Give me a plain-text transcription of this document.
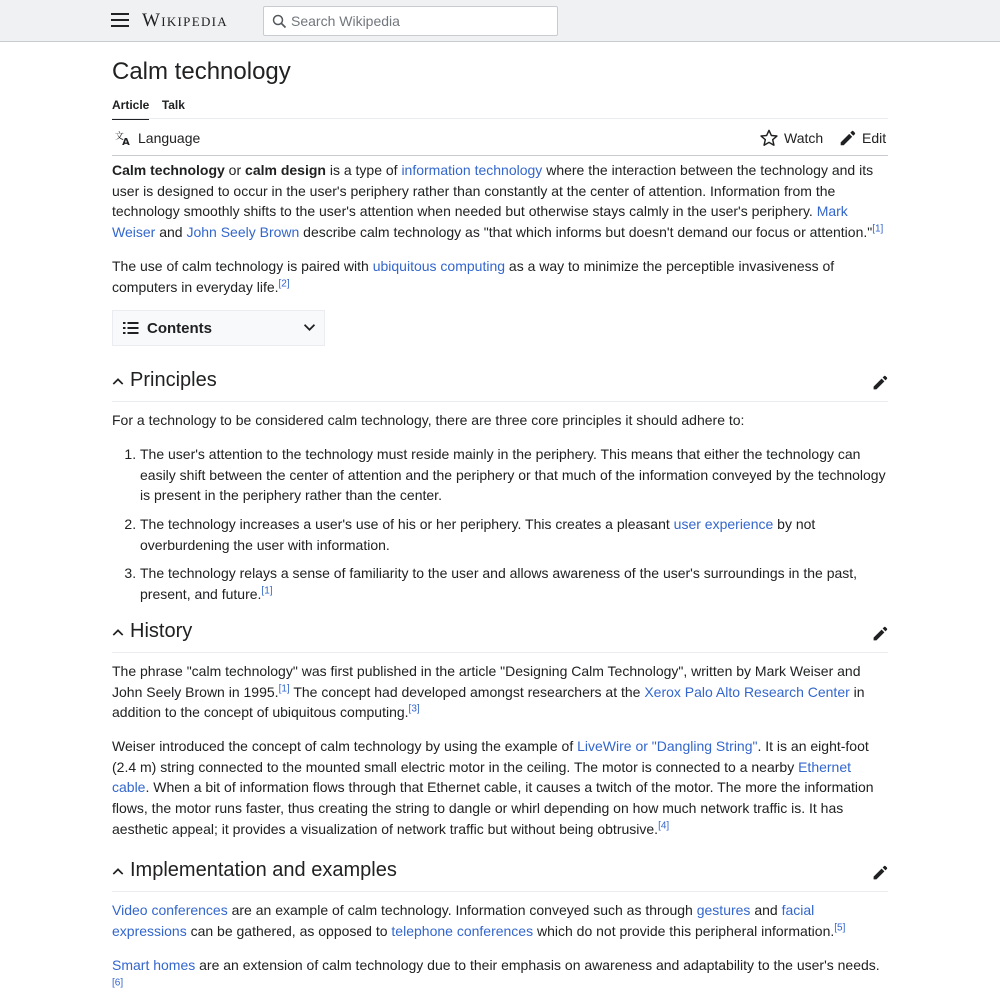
Wikipedia
Search Wikipedia
Calm technology
Article Talk
文
A Language	Watch	Edit

Calm technology or calm design is a type of information technology where the interaction between the technology and its user is designed to occur in the user's periphery rather than constantly at the center of attention. Information from the technology smoothly shifts to the user's attention when needed but otherwise stays calmly in the user's periphery. Mark Weiser and John Seely Brown describe calm technology as "that which informs but doesn't demand our focus or attention."[1]

The use of calm technology is paired with ubiquitous computing as a way to minimize the perceptible invasiveness of computers in everyday life.[2]

Contents
Principles

For a technology to be considered calm technology, there are three core principles it should adhere to:

1. The user's attention to the technology must reside mainly in the periphery. This means that either the technology can easily shift between the center of attention and the periphery or that much of the information conveyed by the technology is present in the periphery rather than the center.
2. The technology increases a user's use of his or her periphery. This creates a pleasant user experience by not overburdening the user with information.
3. The technology relays a sense of familiarity to the user and allows awareness of the user's surroundings in the past, present, and future.[1]
History

The phrase "calm technology" was first published in the article "Designing Calm Technology", written by Mark Weiser and John Seely Brown in 1995.[1] The concept had developed amongst researchers at the Xerox Palo Alto Research Center in addition to the concept of ubiquitous computing.[3]

Weiser introduced the concept of calm technology by using the example of LiveWire or "Dangling String". It is an eight-foot (2.4 m) string connected to the mounted small electric motor in the ceiling. The motor is connected to a nearby Ethernet cable. When a bit of information flows through that Ethernet cable, it causes a twitch of the motor. The more the information flows, the motor runs faster, thus creating the string to dangle or whirl depending on how much network traffic is. It has aesthetic appeal; it provides a visualization of network traffic but without being obtrusive.[4]

Implementation and examples

Video conferences are an example of calm technology. Information conveyed such as through gestures and facial expressions can be gathered, as opposed to telephone conferences which do not provide this peripheral information.[5]

Smart homes are an extension of calm technology due to their emphasis on awareness and adaptability to the user's needs.[6]
